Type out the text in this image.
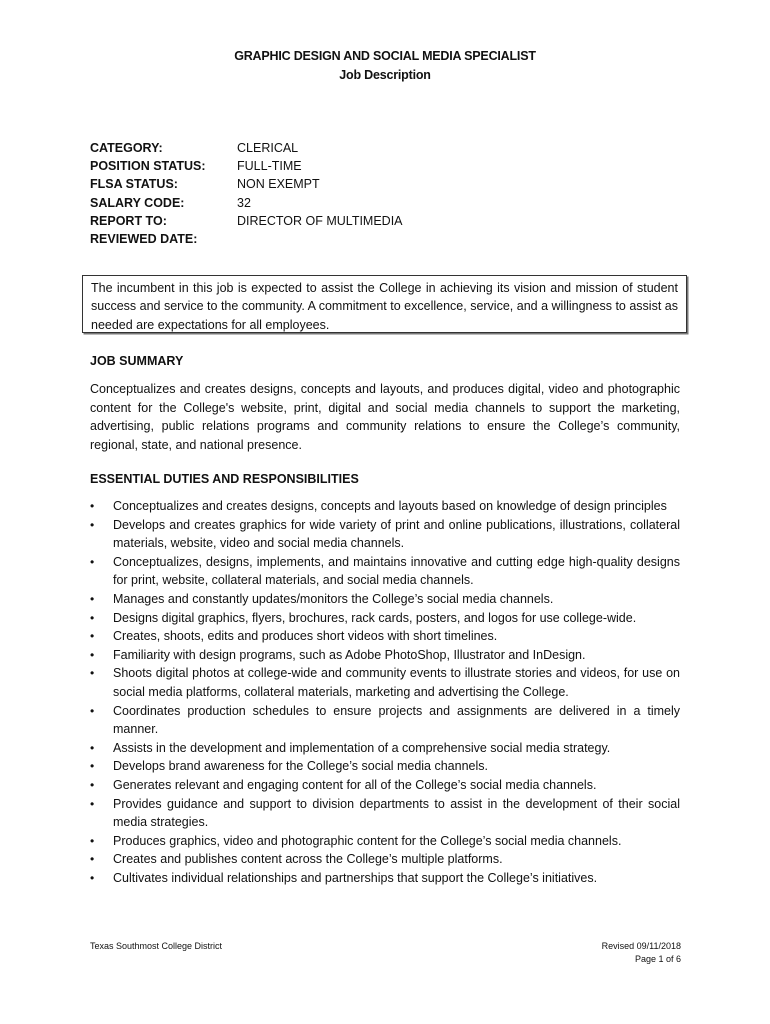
GRAPHIC DESIGN AND SOCIAL MEDIA SPECIALIST
Job Description
CATEGORY:	CLERICAL
POSITION STATUS:	FULL-TIME
FLSA STATUS:	NON EXEMPT
SALARY CODE:	32
REPORT TO:	DIRECTOR OF MULTIMEDIA
REVIEWED DATE:
The incumbent in this job is expected to assist the College in achieving its vision and mission of student success and service to the community. A commitment to excellence, service, and a willingness to assist as needed are expectations for all employees.
JOB SUMMARY
Conceptualizes and creates designs, concepts and layouts, and produces digital, video and photographic content for the College's website, print, digital and social media channels to support the marketing, advertising, public relations programs and community relations to ensure the College’s community, regional, state, and national presence.
ESSENTIAL DUTIES AND RESPONSIBILITIES
• Conceptualizes and creates designs, concepts and layouts based on knowledge of design principles
• Develops and creates graphics for wide variety of print and online publications, illustrations, collateral materials, website, video and social media channels.
• Conceptualizes, designs, implements, and maintains innovative and cutting edge high-quality designs for print, website, collateral materials, and social media channels.
• Manages and constantly updates/monitors the College’s social media channels.
• Designs digital graphics, flyers, brochures, rack cards, posters, and logos for use college-wide.
• Creates, shoots, edits and produces short videos with short timelines.
• Familiarity with design programs, such as Adobe PhotoShop, Illustrator and InDesign.
• Shoots digital photos at college-wide and community events to illustrate stories and videos, for use on social media platforms, collateral materials, marketing and advertising the College.
• Coordinates production schedules to ensure projects and assignments are delivered in a timely manner.
• Assists in the development and implementation of a comprehensive social media strategy.
• Develops brand awareness for the College’s social media channels.
• Generates relevant and engaging content for all of the College’s social media channels.
• Provides guidance and support to division departments to assist in the development of their social media strategies.
• Produces graphics, video and photographic content for the College’s social media channels.
• Creates and publishes content across the College’s multiple platforms.
• Cultivates individual relationships and partnerships that support the College’s initiatives.
Texas Southmost College District	Revised 09/11/2018
Page 1 of 6
